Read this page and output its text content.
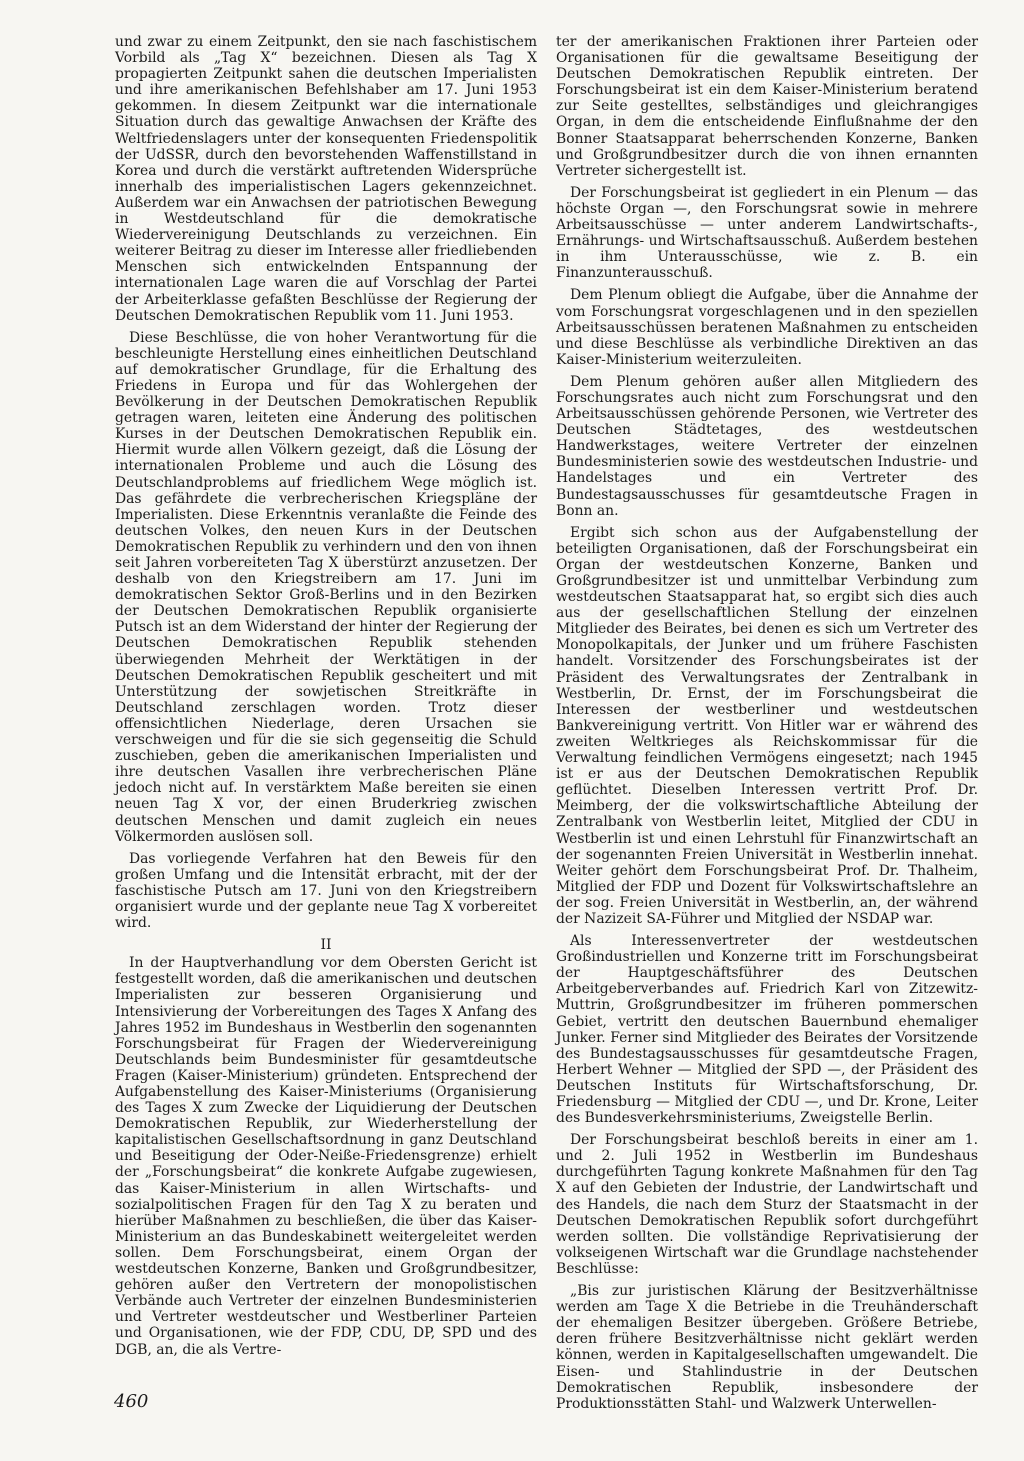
und zwar zu einem Zeitpunkt, den sie nach faschistischem Vorbild als „Tag X“ bezeichnen. Diesen als Tag X propagierten Zeitpunkt sahen die deutschen Imperialisten und ihre amerikanischen Befehlshaber am 17. Juni 1953 gekommen. In diesem Zeitpunkt war die internationale Situation durch das gewaltige Anwachsen der Kräfte des Weltfriedenslagers unter der konsequenten Friedenspolitik der UdSSR, durch den bevorstehenden Waffenstillstand in Korea und durch die verstärkt auftretenden Widersprüche innerhalb des imperialistischen Lagers gekennzeichnet. Außerdem war ein Anwachsen der patriotischen Bewegung in Westdeutschland für die demokratische Wiedervereinigung Deutschlands zu verzeichnen. Ein weiterer Beitrag zu dieser im Interesse aller friedliebenden Menschen sich entwickelnden Entspannung der internationalen Lage waren die auf Vorschlag der Partei der Arbeiterklasse gefaßten Beschlüsse der Regierung der Deutschen Demokratischen Republik vom 11. Juni 1953.

Diese Beschlüsse, die von hoher Verantwortung für die beschleunigte Herstellung eines einheitlichen Deutschland auf demokratischer Grundlage, für die Erhaltung des Friedens in Europa und für das Wohlergehen der Bevölkerung in der Deutschen Demokratischen Republik getragen waren, leiteten eine Änderung des politischen Kurses in der Deutschen Demokratischen Republik ein. Hiermit wurde allen Völkern gezeigt, daß die Lösung der internationalen Probleme und auch die Lösung des Deutschlandproblems auf friedlichem Wege möglich ist. Das gefährdete die verbrecherischen Kriegspläne der Imperialisten. Diese Erkenntnis veranlaßte die Feinde des deutschen Volkes, den neuen Kurs in der Deutschen Demokratischen Republik zu verhindern und den von ihnen seit Jahren vorbereiteten Tag X überstürzt anzusetzen. Der deshalb von den Kriegstreibern am 17. Juni im demokratischen Sektor Groß-Berlins und in den Bezirken der Deutschen Demokratischen Republik organisierte Putsch ist an dem Widerstand der hinter der Regierung der Deutschen Demokratischen Republik stehenden überwiegenden Mehrheit der Werktätigen in der Deutschen Demokratischen Republik gescheitert und mit Unterstützung der sowjetischen Streitkräfte in Deutschland zerschlagen worden. Trotz dieser offensichtlichen Niederlage, deren Ursachen sie verschweigen und für die sie sich gegenseitig die Schuld zuschieben, geben die amerikanischen Imperialisten und ihre deutschen Vasallen ihre verbrecherischen Pläne jedoch nicht auf. In verstärktem Maße bereiten sie einen neuen Tag X vor, der einen Bruderkrieg zwischen deutschen Menschen und damit zugleich ein neues Völkermorden auslösen soll.

Das vorliegende Verfahren hat den Beweis für den großen Umfang und die Intensität erbracht, mit der der faschistische Putsch am 17. Juni von den Kriegstreibern organisiert wurde und der geplante neue Tag X vorbereitet wird.

II

In der Hauptverhandlung vor dem Obersten Gericht ist festgestellt worden, daß die amerikanischen und deutschen Imperialisten zur besseren Organisierung und Intensivierung der Vorbereitungen des Tages X Anfang des Jahres 1952 im Bundeshaus in Westberlin den sogenannten Forschungsbeirat für Fragen der Wiedervereinigung Deutschlands beim Bundesminister für gesamtdeutsche Fragen (Kaiser-Ministerium) gründeten. Entsprechend der Aufgabenstellung des Kaiser-Ministeriums (Organisierung des Tages X zum Zwecke der Liquidierung der Deutschen Demokratischen Republik, zur Wiederherstellung der kapitalistischen Gesellschaftsordnung in ganz Deutschland und Beseitigung der Oder-Neiße-Friedensgrenze) erhielt der „Forschungsbeirat“ die konkrete Aufgabe zugewiesen, das Kaiser-Ministerium in allen Wirtschafts- und sozialpolitischen Fragen für den Tag X zu beraten und hierüber Maßnahmen zu beschließen, die über das Kaiser-Ministerium an das Bundeskabinett weitergeleitet werden sollen. Dem Forschungsbeirat, einem Organ der westdeutschen Konzerne, Banken und Großgrundbesitzer, gehören außer den Vertretern der monopolistischen Verbände auch Vertreter der einzelnen Bundesministerien und Vertreter westdeutscher und Westberliner Parteien und Organisationen, wie der FDP, CDU, DP, SPD und des DGB, an, die als Vertre-

ter der amerikanischen Fraktionen ihrer Parteien oder Organisationen für die gewaltsame Beseitigung der Deutschen Demokratischen Republik eintreten. Der Forschungsbeirat ist ein dem Kaiser-Ministerium beratend zur Seite gestelltes, selbständiges und gleichrangiges Organ, in dem die entscheidende Einflußnahme der den Bonner Staatsapparat beherrschenden Konzerne, Banken und Großgrundbesitzer durch die von ihnen ernannten Vertreter sichergestellt ist.

Der Forschungsbeirat ist gegliedert in ein Plenum — das höchste Organ —, den Forschungsrat sowie in mehrere Arbeitsausschüsse — unter anderem Landwirtschafts-, Ernährungs- und Wirtschaftsausschuß. Außerdem bestehen in ihm Unterausschüsse, wie z. B. ein Finanzunterausschuß.

Dem Plenum obliegt die Aufgabe, über die Annahme der vom Forschungsrat vorgeschlagenen und in den speziellen Arbeitsausschüssen beratenen Maßnahmen zu entscheiden und diese Beschlüsse als verbindliche Direktiven an das Kaiser-Ministerium weiterzuleiten.

Dem Plenum gehören außer allen Mitgliedern des Forschungsrates auch nicht zum Forschungsrat und den Arbeitsausschüssen gehörende Personen, wie Vertreter des Deutschen Städtetages, des westdeutschen Handwerkstages, weitere Vertreter der einzelnen Bundesministerien sowie des westdeutschen Industrie- und Handelstages und ein Vertreter des Bundestagsausschusses für gesamtdeutsche Fragen in Bonn an.

Ergibt sich schon aus der Aufgabenstellung der beteiligten Organisationen, daß der Forschungsbeirat ein Organ der westdeutschen Konzerne, Banken und Großgrundbesitzer ist und unmittelbar Verbindung zum westdeutschen Staatsapparat hat, so ergibt sich dies auch aus der gesellschaftlichen Stellung der einzelnen Mitglieder des Beirates, bei denen es sich um Vertreter des Monopolkapitals, der Junker und um frühere Faschisten handelt. Vorsitzender des Forschungsbeirates ist der Präsident des Verwaltungsrates der Zentralbank in Westberlin, Dr. Ernst, der im Forschungsbeirat die Interessen der westberliner und westdeutschen Bankvereinigung vertritt. Von Hitler war er während des zweiten Weltkrieges als Reichskommissar für die Verwaltung feindlichen Vermögens eingesetzt; nach 1945 ist er aus der Deutschen Demokratischen Republik geflüchtet. Dieselben Interessen vertritt Prof. Dr. Meimberg, der die volkswirtschaftliche Abteilung der Zentralbank von Westberlin leitet, Mitglied der CDU in Westberlin ist und einen Lehrstuhl für Finanzwirtschaft an der sogenannten Freien Universität in Westberlin innehat. Weiter gehört dem Forschungsbeirat Prof. Dr. Thalheim, Mitglied der FDP und Dozent für Volkswirtschaftslehre an der sog. Freien Universität in Westberlin, an, der während der Nazizeit SA-Führer und Mitglied der NSDAP war.

Als Interessenvertreter der westdeutschen Großindustriellen und Konzerne tritt im Forschungsbeirat der Hauptgeschäftsführer des Deutschen Arbeitgeberverbandes auf. Friedrich Karl von Zitzewitz-Muttrin, Großgrundbesitzer im früheren pommerschen Gebiet, vertritt den deutschen Bauernbund ehemaliger Junker. Ferner sind Mitglieder des Beirates der Vorsitzende des Bundestagsausschusses für gesamtdeutsche Fragen, Herbert Wehner — Mitglied der SPD —, der Präsident des Deutschen Instituts für Wirtschaftsforschung, Dr. Friedensburg — Mitglied der CDU —, und Dr. Krone, Leiter des Bundesverkehrsministeriums, Zweigstelle Berlin.

Der Forschungsbeirat beschloß bereits in einer am 1. und 2. Juli 1952 in Westberlin im Bundeshaus durchgeführten Tagung konkrete Maßnahmen für den Tag X auf den Gebieten der Industrie, der Landwirtschaft und des Handels, die nach dem Sturz der Staatsmacht in der Deutschen Demokratischen Republik sofort durchgeführt werden sollten. Die vollständige Reprivatisierung der volkseigenen Wirtschaft war die Grundlage nachstehender Beschlüsse:

„Bis zur juristischen Klärung der Besitzverhältnisse werden am Tage X die Betriebe in die Treuhänderschaft der ehemaligen Besitzer übergeben. Größere Betriebe, deren frühere Besitzverhältnisse nicht geklärt werden können, werden in Kapitalgesellschaften umgewandelt. Die Eisen- und Stahlindustrie in der Deutschen Demokratischen Republik, insbesondere der Produktionsstätten Stahl- und Walzwerk Unterwellen-

460
